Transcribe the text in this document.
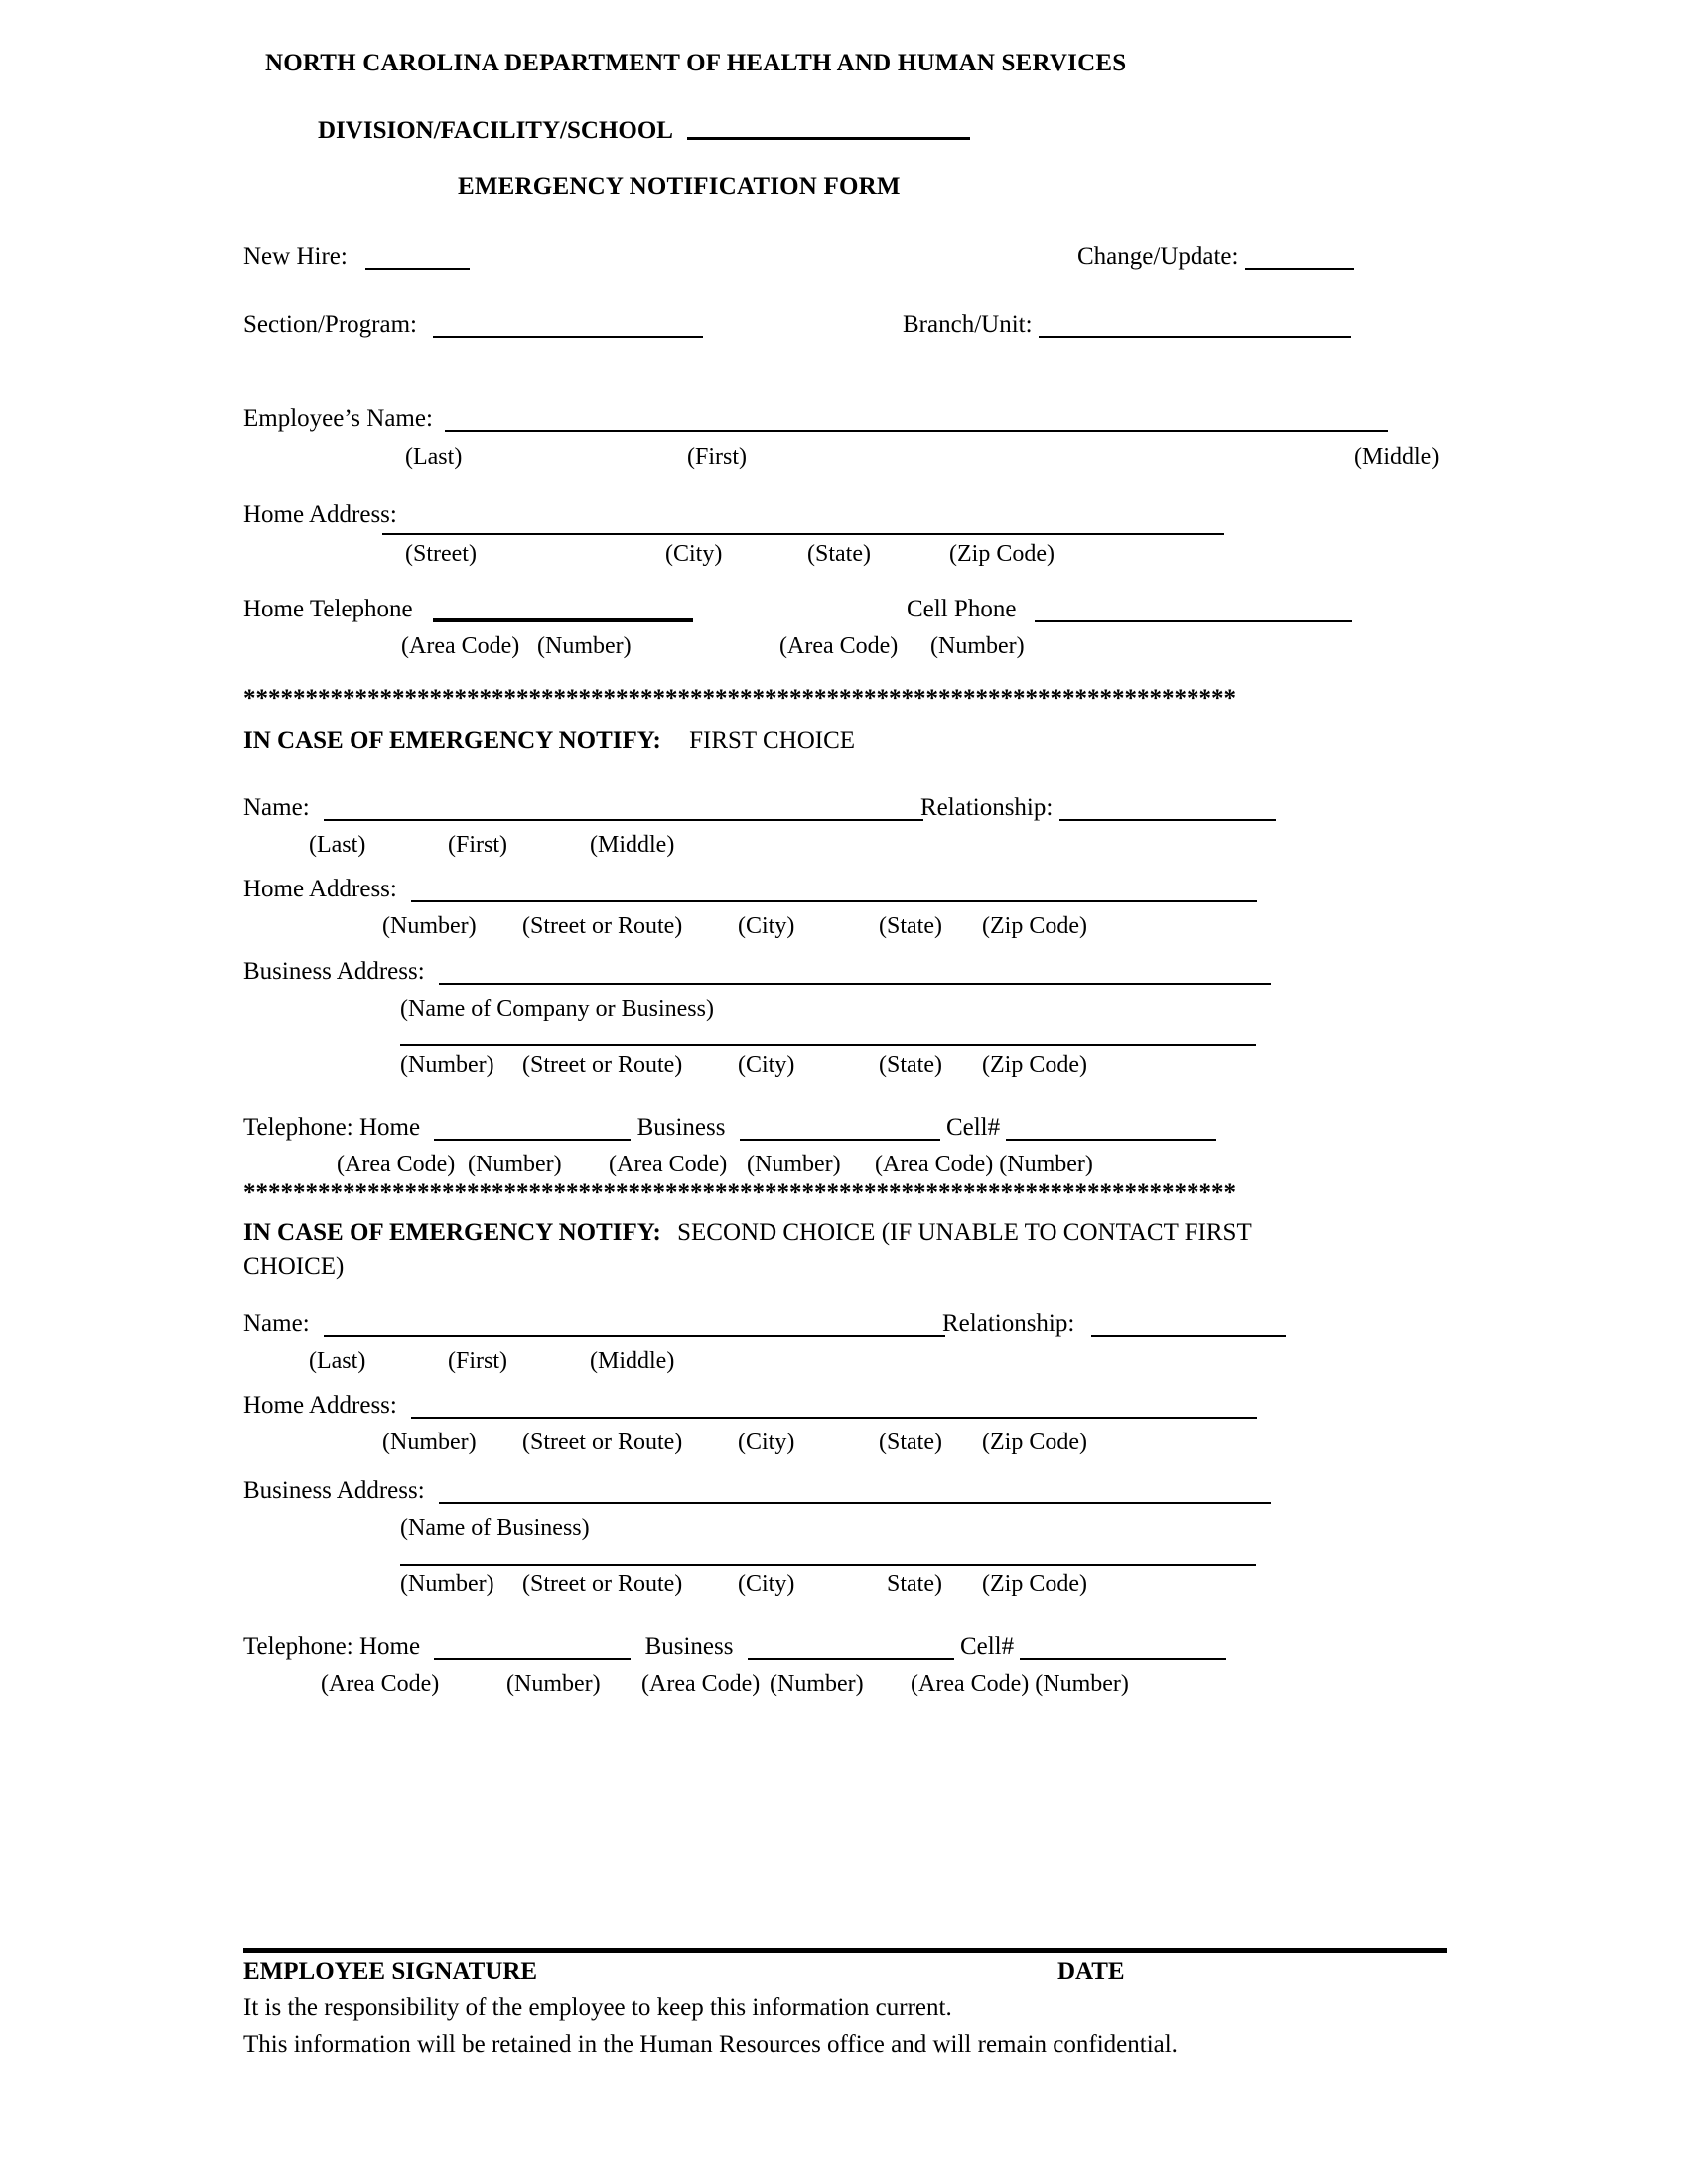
NORTH CAROLINA DEPARTMENT OF HEALTH AND HUMAN SERVICES
DIVISION/FACILITY/SCHOOL
EMERGENCY NOTIFICATION FORM
New Hire:	Change/Update:
Section/Program:	Branch/Unit:
Employee’s Name:
(Last)	(First)	(Middle)
Home Address:
(Street)	(City)	(State)	(Zip Code)
Home Telephone	Cell Phone
(Area Code) (Number)	(Area Code) (Number)
********************************************************************************
IN CASE OF EMERGENCY NOTIFY: FIRST CHOICE
Name:	Relationship:
(Last)	(First)	(Middle)
Home Address:
(Number) (Street or Route) (City)	(State) (Zip Code)
Business Address:
(Name of Company or Business)
(Number) (Street or Route) (City)	(State) (Zip Code)
Telephone: Home	Business	Cell#
(Area Code) (Number) (Area Code) (Number) (Area Code) (Number)
********************************************************************************
IN CASE OF EMERGENCY NOTIFY: SECOND CHOICE (IF UNABLE TO CONTACT FIRST
CHOICE)
Name:	Relationship:
(Last)	(First)	(Middle)
Home Address:
(Number) (Street or Route) (City)	(State) (Zip Code)
Business Address:
(Name of Business)
(Number) (Street or Route) (City)	State) (Zip Code)
Telephone: Home	Business	Cell#
(Area Code)	(Number) (Area Code) (Number) (Area Code) (Number)
EMPLOYEE SIGNATURE	DATE
It is the responsibility of the employee to keep this information current.
This information will be retained in the Human Resources office and will remain confidential.
